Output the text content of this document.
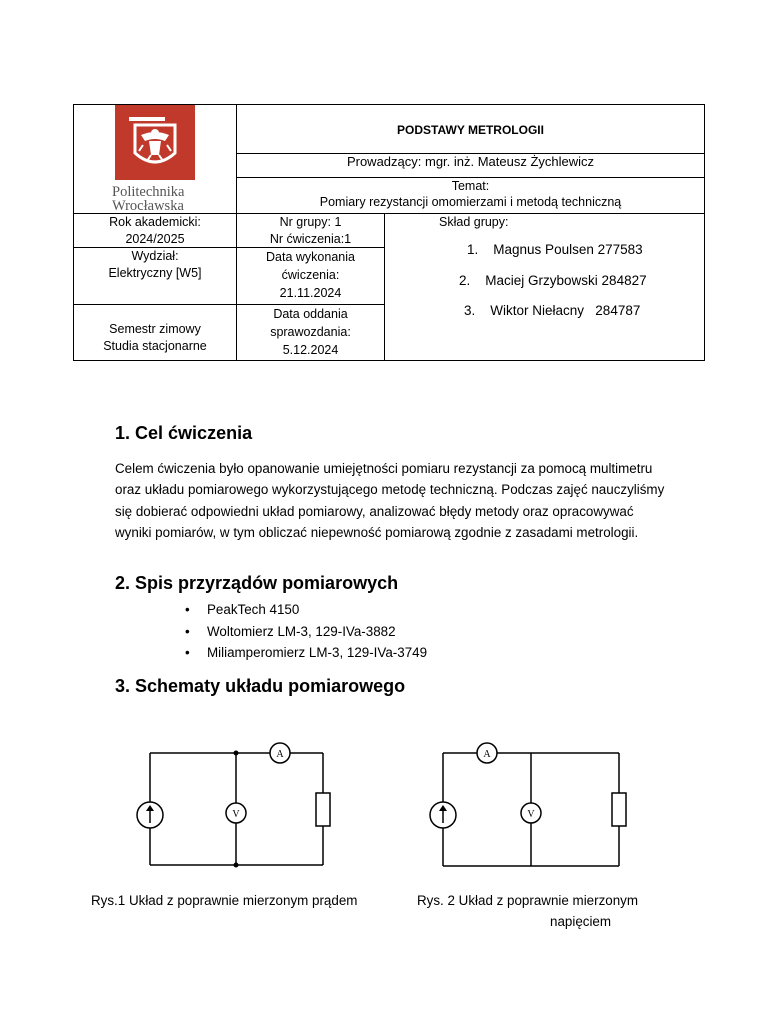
Politechnika Wrocławska
PODSTAWY METROLOGII
Prowadzący: mgr. inż. Mateusz Żychlewicz
Temat:
Pomiary rezystancji omomierzami i metodą techniczną
Rok akademicki:
2024/2025
Wydział:
Elektryczny [W5]
Semestr zimowy
Studia stacjonarne
Nr grupy: 1
Nr ćwiczenia:1
Data wykonania
ćwiczenia:
21.11.2024
Data oddania
sprawozdania:
5.12.2024
Skład grupy:
1. Magnus Poulsen 277583
2. Maciej Grzybowski 284827
3. Wiktor Niełacny   284787
1. Cel ćwiczenia

Celem ćwiczenia było opanowanie umiejętności pomiaru rezystancji za pomocą multimetru oraz układu pomiarowego wykorzystującego metodę techniczną. Podczas zajęć nauczyliśmy się dobierać odpowiedni układ pomiarowy, analizować błędy metody oraz opracowywać wyniki pomiarów, w tym obliczać niepewność pomiarową zgodnie z zasadami metrologii.

2. Spis przyrządów pomiarowych
• PeakTech 4150
• Woltomierz LM-3, 129-IVa-3882
• Miliamperomierz LM-3, 129-IVa-3749
3. Schematy układu pomiarowego
A
V
A
V
Rys.1 Układ z poprawnie mierzonym prądem	Rys. 2 Układ z poprawnie mierzonym
napięciem
